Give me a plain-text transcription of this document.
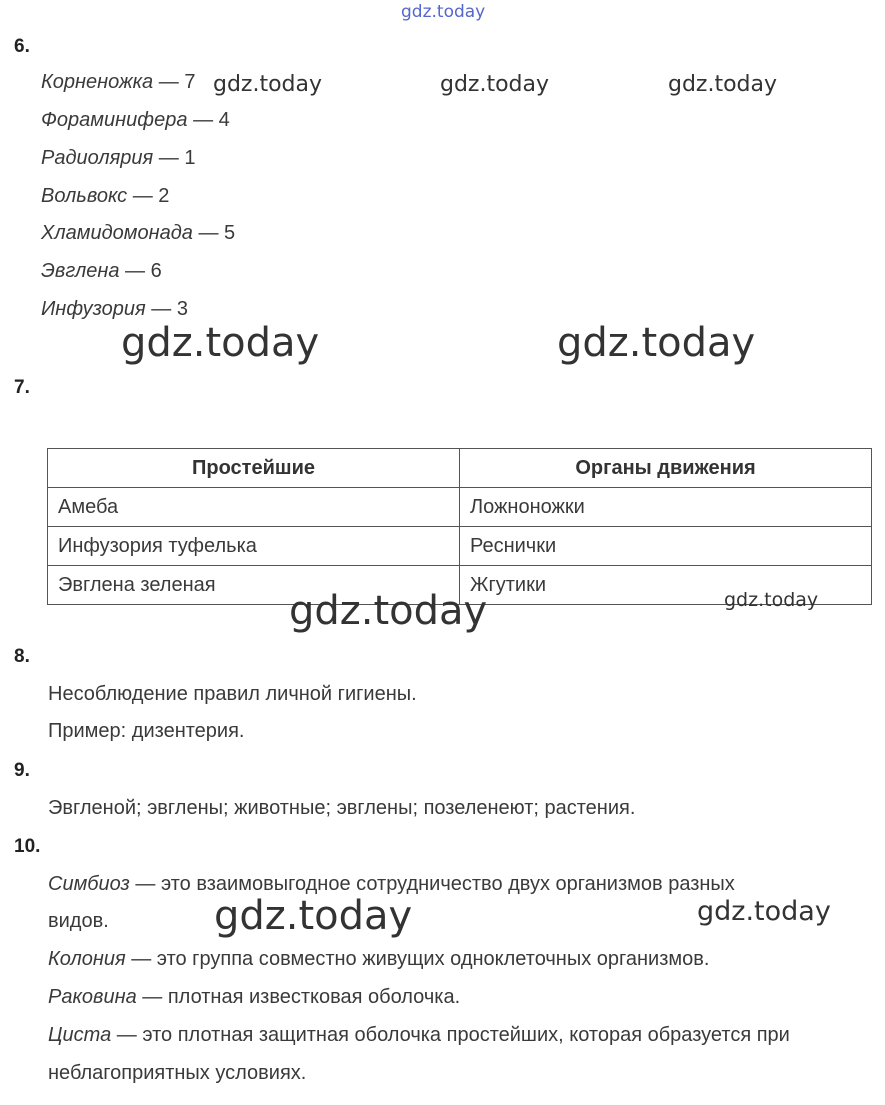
gdz.today
gdz.today	gdz.today	gdz.today
gdz.today	gdz.today
6.
Корненожка — 7
Фораминифера — 4
Радиолярия — 1
Вольвокс — 2
Хламидомонада — 5
Эвглена — 6
Инфузория — 3
7.
Простейшие	Органы движения
Амеба	Ложноножки
Инфузория туфелька	Реснички
Эвглена зеленая	Жгутики
gdz.today	gdz.today
8.
Несоблюдение правил личной гигиены.
Пример: дизентерия.
9.
Эвгленой; эвглены; животные; эвглены; позеленеют; растения.
10.
Симбиоз — это взаимовыгодное сотрудничество двух организмов разных
видов.	gdz.today	gdz.today
Колония — это группа совместно живущих одноклеточных организмов.
Раковина — плотная известковая оболочка.
Циста — это плотная защитная оболочка простейших, которая образуется при
неблагоприятных условиях.
